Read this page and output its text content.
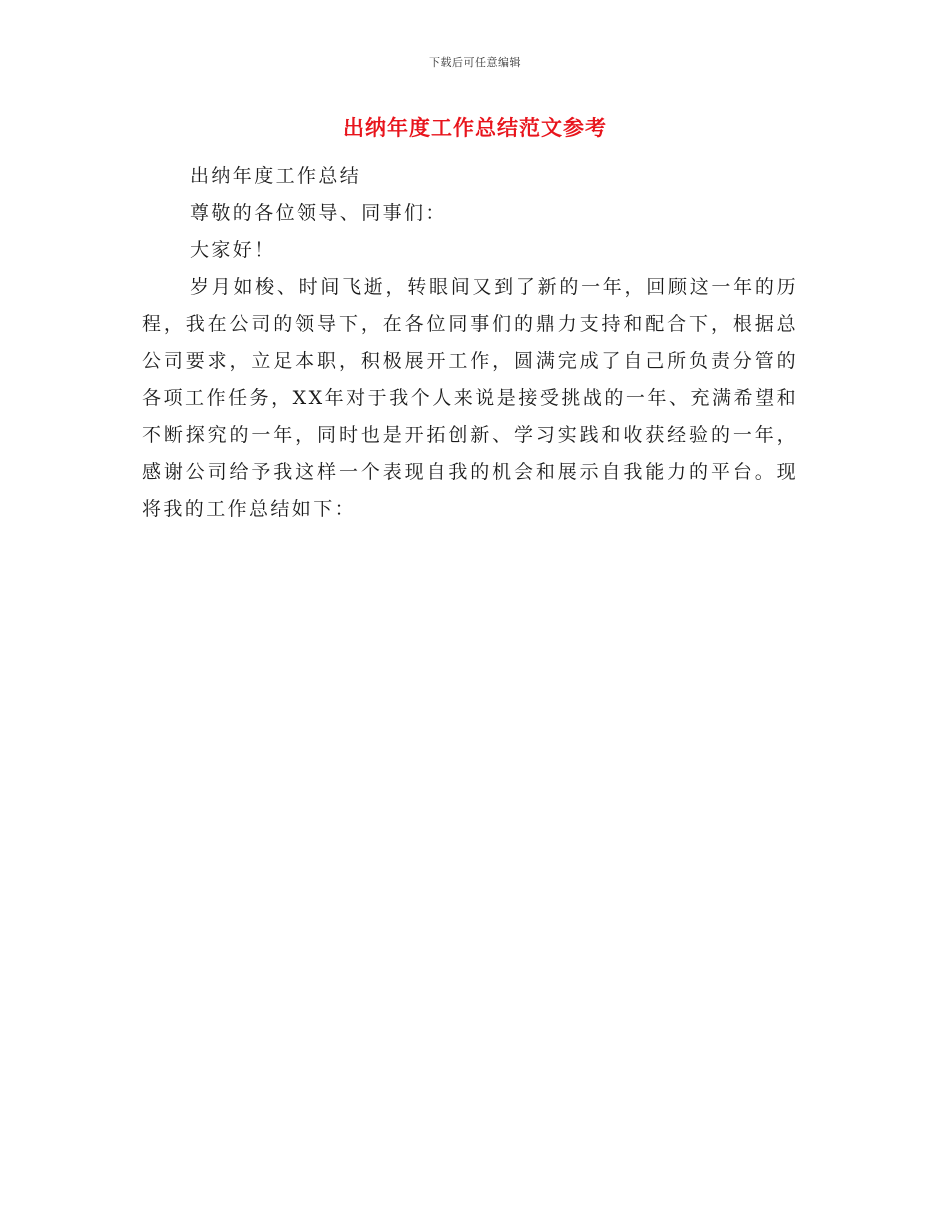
下载后可任意编辑
出纳年度工作总结范文参考

出纳年度工作总结

尊敬的各位领导、同事们：

大家好！

岁月如梭、时间飞逝，转眼间又到了新的一年，回顾这一年的历程，我在公司的领导下，在各位同事们的鼎力支持和配合下，根据总公司要求，立足本职，积极展开工作，圆满完成了自己所负责分管的各项工作任务，XX年对于我个人来说是接受挑战的一年、充满希望和不断探究的一年，同时也是开拓创新、学习实践和收获经验的一年，感谢公司给予我这样一个表现自我的机会和展示自我能力的平台。现将我的工作总结如下：
